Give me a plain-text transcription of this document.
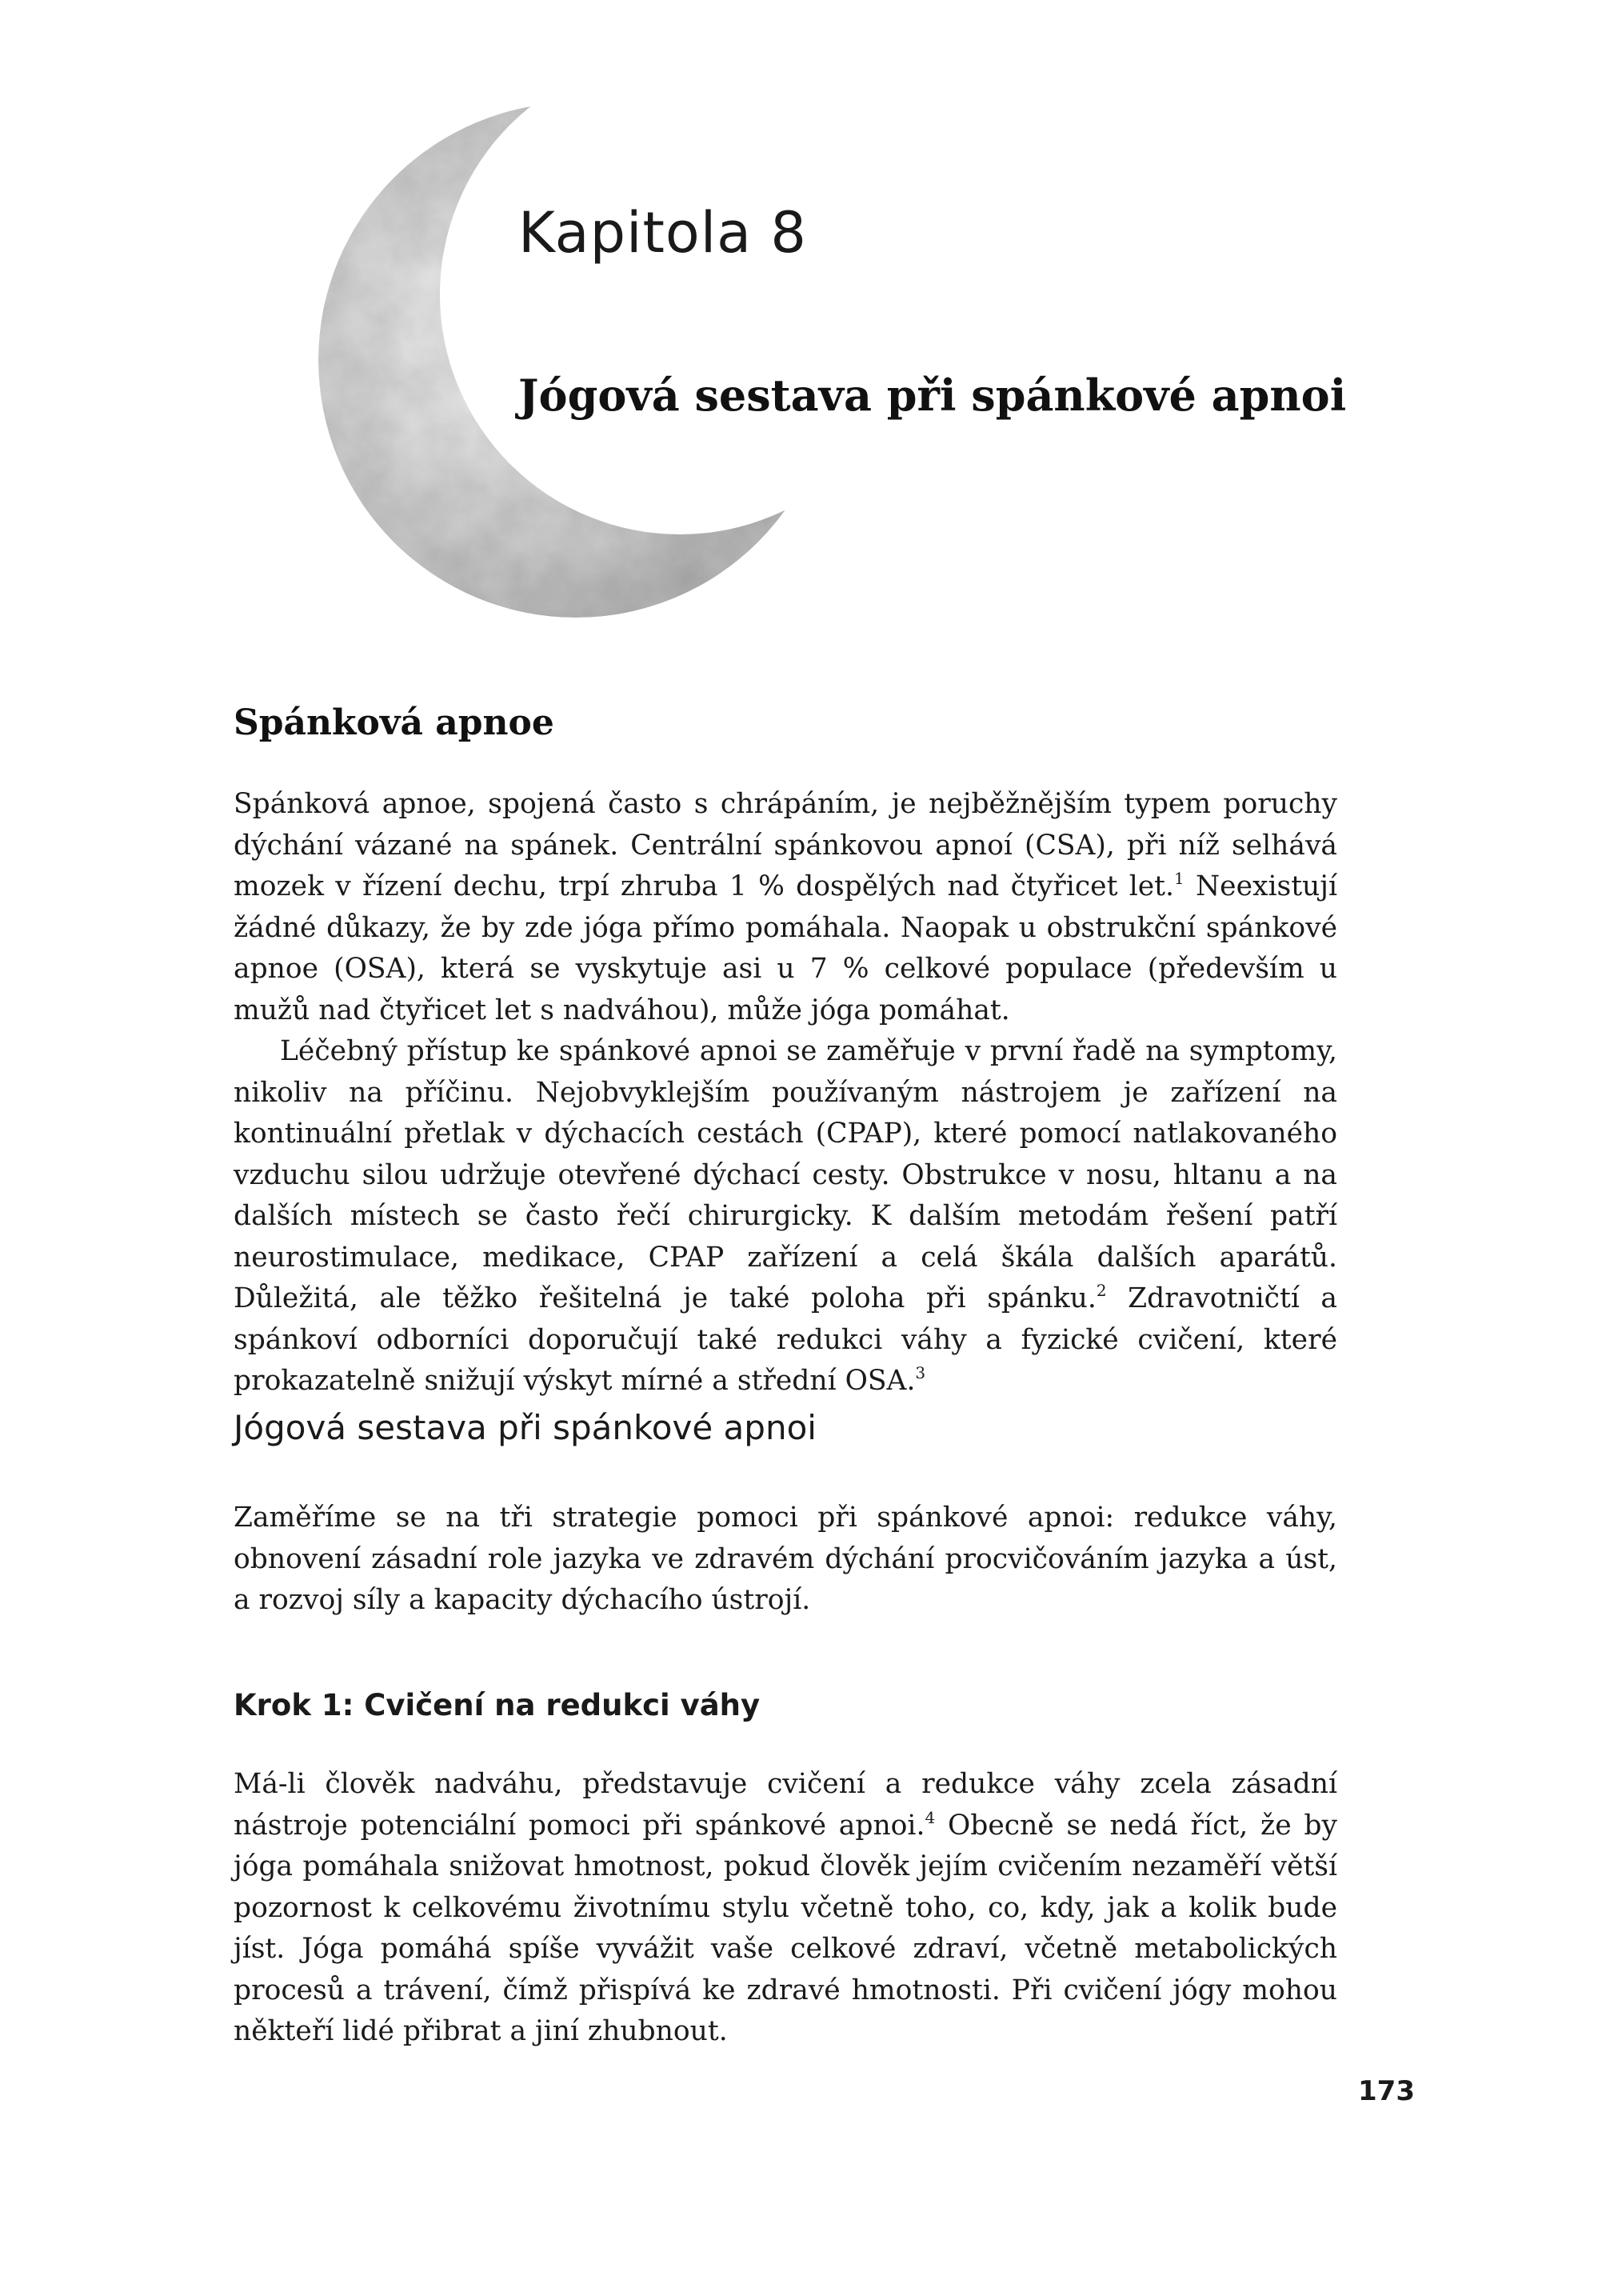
Kapitola 8
Jógová sestava při spánkové apnoi
Spánková apnoe

Spánková apnoe, spojená často s chrápáním, je nejběžnějším typem poruchy dýchání vázané na spánek. Centrální spánkovou apnoí (CSA), při níž selhává mozek v řízení dechu, trpí zhruba 1 % dospělých nad čtyřicet let.$^1$ Neexistují žádné důkazy, že by zde jóga přímo pomáhala. Naopak u obstrukční spánkové apnoe (OSA), která se vyskytuje asi u 7 % celkové populace (především u mužů nad čtyřicet let s nadváhou), může jóga pomáhat.

Léčebný přístup ke spánkové apnoi se zaměřuje v první řadě na symptomy, nikoliv na příčinu. Nejobvyklejším používaným nástrojem je zařízení na kontinuální přetlak v dýchacích cestách (CPAP), které pomocí natlakovaného vzduchu silou udržuje otevřené dýchací cesty. Obstrukce v nosu, hltanu a na dalších místech se často řečí chirurgicky. K dalším metodám řešení patří neurostimulace, medikace, CPAP zařízení a celá škála dalších aparátů. Důležitá, ale těžko řešitelná je také poloha při spánku.$^2$ Zdravotničtí a spánkoví odborníci doporučují také redukci váhy a fyzické cvičení, které prokazatelně snižují výskyt mírné a střední OSA.$^3$

Jógová sestava při spánkové apnoi

Zaměříme se na tři strategie pomoci při spánkové apnoi: redukce váhy, obnovení zásadní role jazyka ve zdravém dýchání procvičováním jazyka a úst, a rozvoj síly a kapacity dýchacího ústrojí.

Krok 1: Cvičení na redukci váhy

Má-li člověk nadváhu, představuje cvičení a redukce váhy zcela zásadní nástroje potenciální pomoci při spánkové apnoi.$^4$ Obecně se nedá říct, že by jóga pomáhala snižovat hmotnost, pokud člověk jejím cvičením nezaměří větší pozornost k celkovému životnímu stylu včetně toho, co, kdy, jak a kolik bude jíst. Jóga pomáhá spíše vyvážit vaše celkové zdraví, včetně metabolických procesů a trávení, čímž přispívá ke zdravé hmotnosti. Při cvičení jógy mohou někteří lidé přibrat a jiní zhubnout.

173
